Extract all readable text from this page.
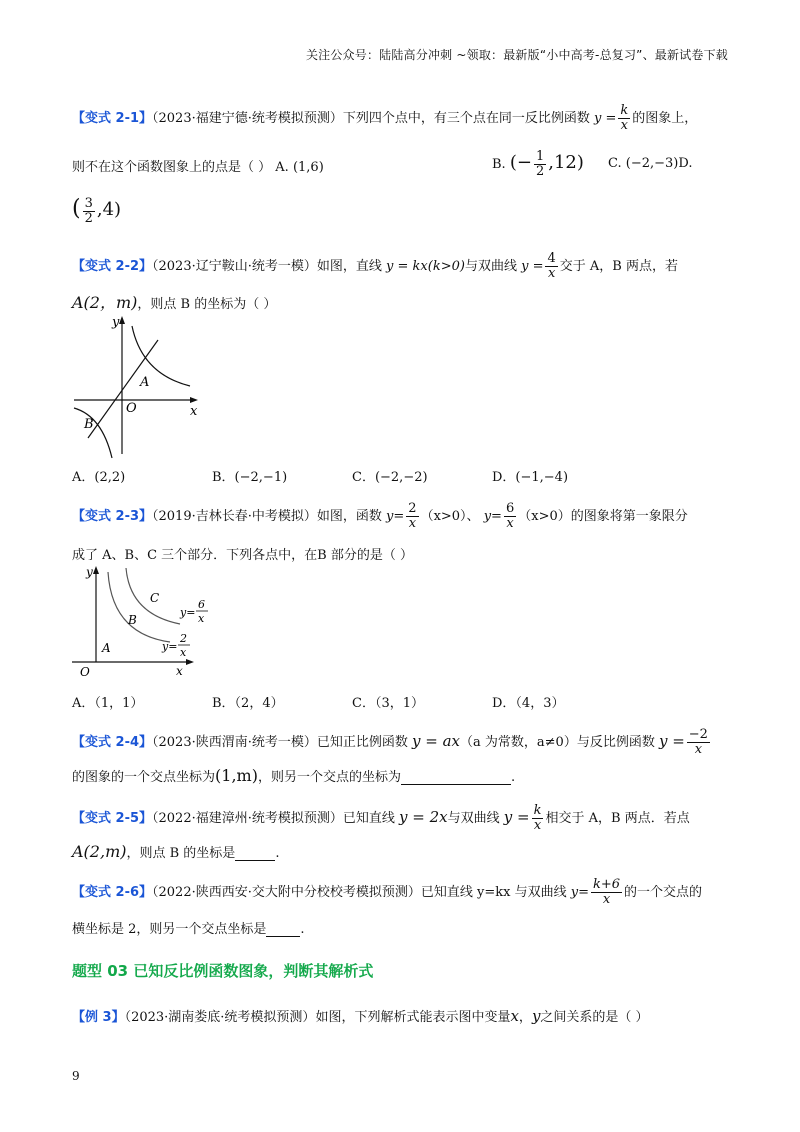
关注公众号：陆陆高分冲刺 ~领取：最新版“小中高考-总复习”、最新试卷下载
【变式 2-1】（2023·福建宁德·统考模拟预测）下列四个点中，有三个点在同一反比例函数 $y = \frac{k}{x}$ 的图象上，
则不在这个函数图象上的点是（ ） A. (1,6)	B. (− $\frac{1}{2} ,12$) C. (−2,−3)D.
( $\frac{3}{2} ,4$)
【变式 2-2】（2023·辽宁鞍山·统考一模）如图，直线 y = kx(k>0)与双曲线 $y = \frac{4}{x}$ 交于 A，B 两点，若
A(2，m)，则点 B 的坐标为（ ）
y
x
O
A
B
A．(2,2)	B．(−2,−1)	C．(−2,−2)	D．(−1,−4)
【变式 2-3】（2019·吉林长春·中考模拟）如图，函数 $y= \frac{2}{x} (x>0)$、 $y= \frac{6}{x} (x>0)$的图象将第一象限分
成了 A、B、C 三个部分．下列各点中，在B 部分的是（ ）
y
x
O
A
B
C
y=
6
x
y=
2
x
A．（1，1）	B．（2，4）	C．（3，1）	D．（4，3）
【变式 2-4】（2023·陕西渭南·统考一模）已知正比例函数 y = ax（a 为常数，a≠0）与反比例函数 $y = \frac{-2}{x}$
的图象的一个交点坐标为(1,m)，则另一个交点的坐标为	.
【变式 2-5】（2022·福建漳州·统考模拟预测）已知直线 y = 2x与双曲线 $y = \frac{k}{x}$ 相交于 A，B 两点．若点
A(2,m)，则点 B 的坐标是	.
【变式 2-6】（2022·陕西西安·交大附中分校校考模拟预测）已知直线 y=kx 与双曲线 $y= \frac{k+6}{x}$ 的一个交点的
横坐标是 2，则另一个交点坐标是	.
题型 03 已知反比例函数图象，判断其解析式
【例 3】（2023·湖南娄底·统考模拟预测）如图，下列解析式能表示图中变量x，y之间关系的是（ ）
9
